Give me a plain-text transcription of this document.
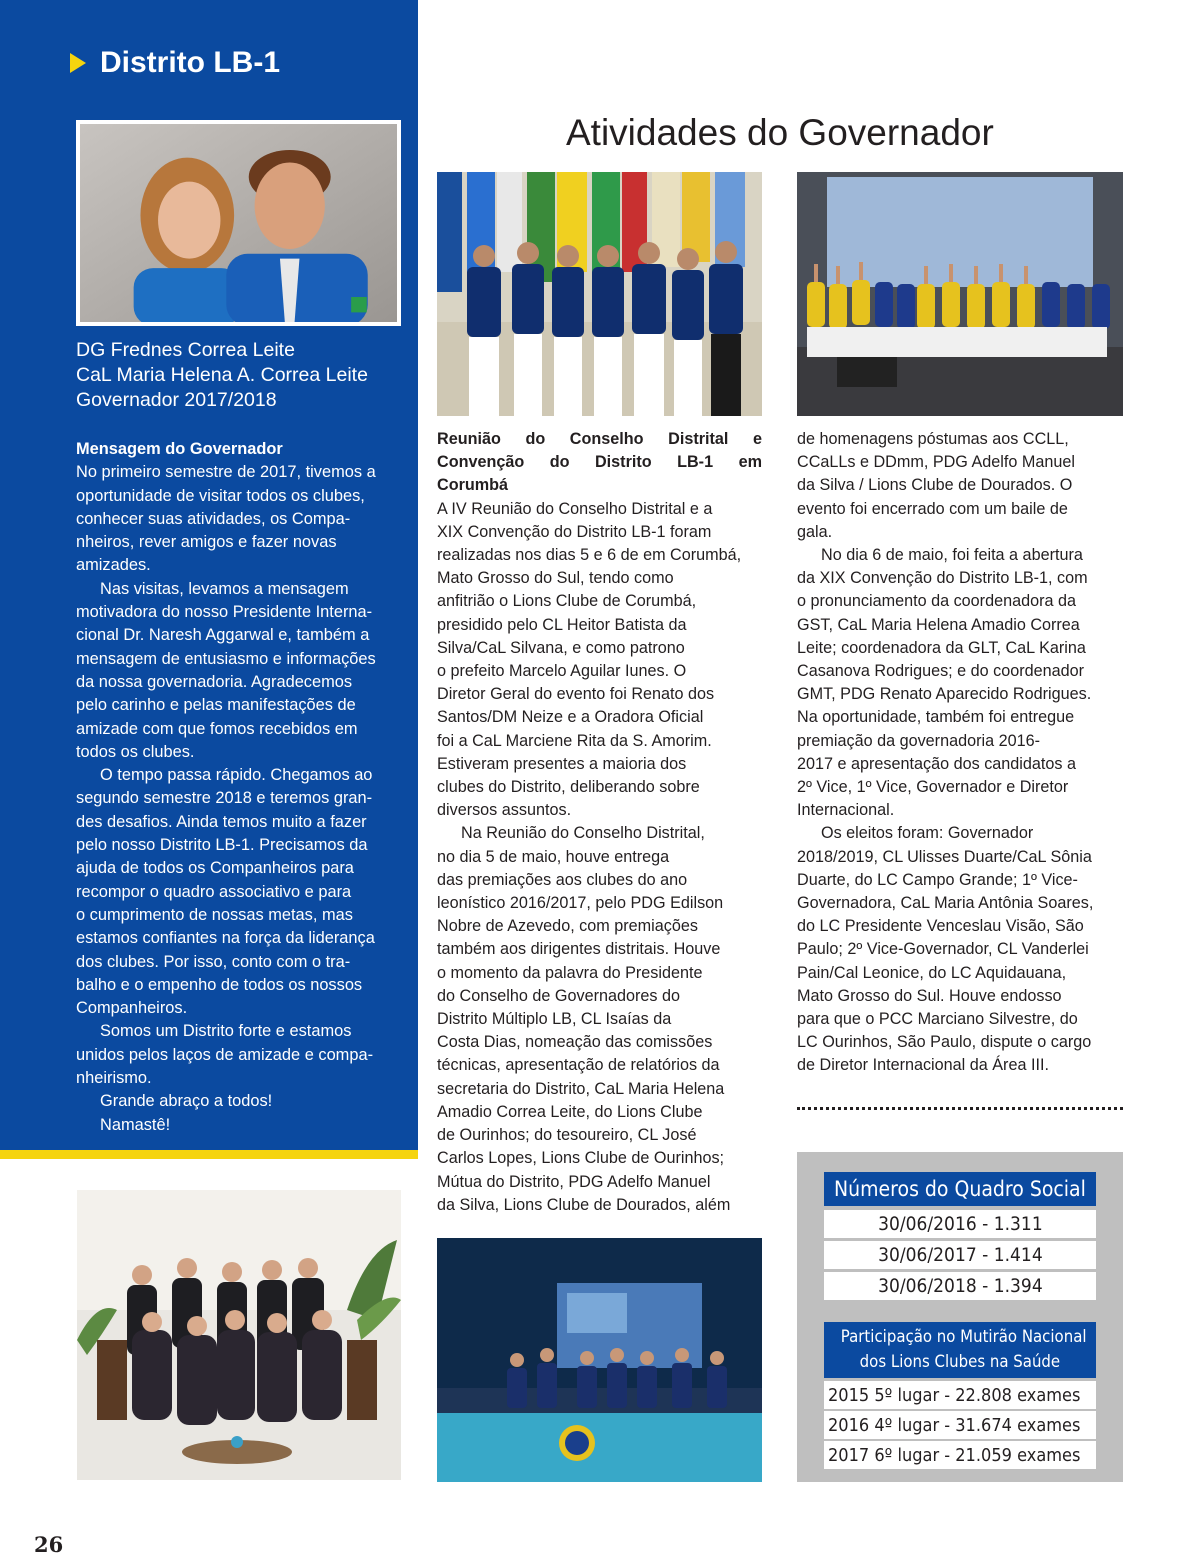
Distrito LB-1
DG Frednes Correa Leite
CaL Maria Helena A. Correa Leite
Governador 2017/2018
Mensagem do Governador
No primeiro semestre de 2017, tivemos a
oportunidade de visitar todos os clubes,
conhecer suas atividades, os Compa-
nheiros, rever amigos e fazer novas
amizades.
Nas visitas, levamos a mensagem
motivadora do nosso Presidente Interna-
cional Dr. Naresh Aggarwal e, também a
mensagem de entusiasmo e informações
da nossa governadoria. Agradecemos
pelo carinho e pelas manifestações de
amizade com que fomos recebidos em
todos os clubes.
O tempo passa rápido. Chegamos ao
segundo semestre 2018 e teremos gran-
des desafios. Ainda temos muito a fazer
pelo nosso Distrito LB-1. Precisamos da
ajuda de todos os Companheiros para
recompor o quadro associativo e para
o cumprimento de nossas metas, mas
estamos confiantes na força da liderança
dos clubes. Por isso, conto com o tra-
balho e o empenho de todos os nossos
Companheiros.
Somos um Distrito forte e estamos
unidos pelos laços de amizade e compa-
nheirismo.
Grande abraço a todos!
Namastê!
Atividades do Governador
Reunião do Conselho Distrital e
Convenção do Distrito LB-1 em
Corumbá
A IV Reunião do Conselho Distrital e a
XIX Convenção do Distrito LB-1 foram
realizadas nos dias 5 e 6 de em Corumbá,
Mato Grosso do Sul, tendo como
anfitrião o Lions Clube de Corumbá,
presidido pelo CL Heitor Batista da
Silva/CaL Silvana, e como patrono
o prefeito Marcelo Aguilar Iunes. O
Diretor Geral do evento foi Renato dos
Santos/DM Neize e a Oradora Oficial
foi a CaL Marciene Rita da S. Amorim.
Estiveram presentes a maioria dos
clubes do Distrito, deliberando sobre
diversos assuntos.
Na Reunião do Conselho Distrital,
no dia 5 de maio, houve entrega
das premiações aos clubes do ano
leonístico 2016/2017, pelo PDG Edilson
Nobre de Azevedo, com premiações
também aos dirigentes distritais. Houve
o momento da palavra do Presidente
do Conselho de Governadores do
Distrito Múltiplo LB, CL Isaías da
Costa Dias, nomeação das comissões
técnicas, apresentação de relatórios da
secretaria do Distrito, CaL Maria Helena
Amadio Correa Leite, do Lions Clube
de Ourinhos; do tesoureiro, CL José
Carlos Lopes, Lions Clube de Ourinhos;
Mútua do Distrito, PDG Adelfo Manuel
da Silva, Lions Clube de Dourados, além
de homenagens póstumas aos CCLL,
CCaLLs e DDmm, PDG Adelfo Manuel
da Silva / Lions Clube de Dourados. O
evento foi encerrado com um baile de
gala.
No dia 6 de maio, foi feita a abertura
da XIX Convenção do Distrito LB-1, com
o pronunciamento da coordenadora da
GST, CaL Maria Helena Amadio Correa
Leite; coordenadora da GLT, CaL Karina
Casanova Rodrigues; e do coordenador
GMT, PDG Renato Aparecido Rodrigues.
Na oportunidade, também foi entregue
premiação da governadoria 2016-
2017 e apresentação dos candidatos a
2º Vice, 1º Vice, Governador e Diretor
Internacional.
Os eleitos foram: Governador
2018/2019, CL Ulisses Duarte/CaL Sônia
Duarte, do LC Campo Grande; 1º Vice-
Governadora, CaL Maria Antônia Soares,
do LC Presidente Venceslau Visão, São
Paulo; 2º Vice-Governador, CL Vanderlei
Pain/Cal Leonice, do LC Aquidauana,
Mato Grosso do Sul. Houve endosso
para que o PCC Marciano Silvestre, do
LC Ourinhos, São Paulo, dispute o cargo
de Diretor Internacional da Área III.
Números do Quadro Social
30/06/2016 - 1.311
30/06/2017 - 1.414
30/06/2018 - 1.394
Participação no Mutirão Nacional
dos Lions Clubes na Saúde
2015 5º lugar - 22.808 exames
2016 4º lugar - 31.674 exames
2017 6º lugar - 21.059 exames
26
